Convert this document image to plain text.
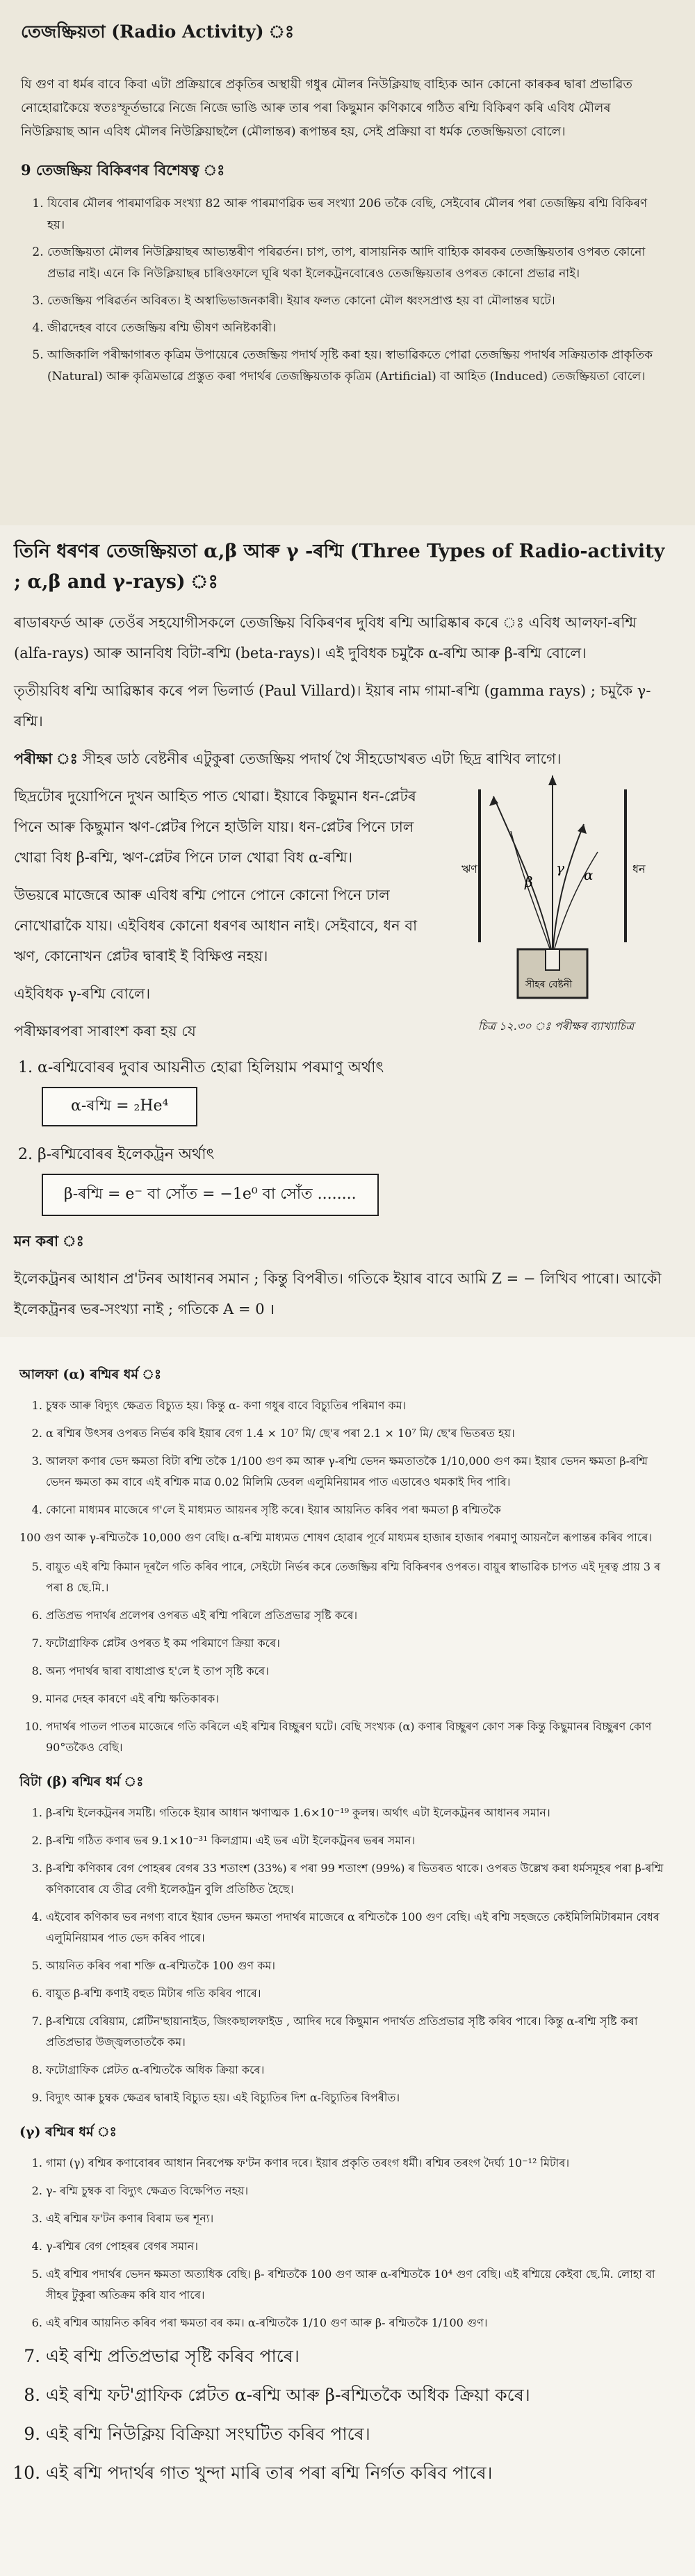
তেজষ্ক্ৰিয়তা (Radio Activity) ঃ

যি গুণ বা ধৰ্মৰ বাবে কিবা এটা প্ৰক্ৰিয়াৰে প্ৰকৃতিৰ অস্থায়ী গধুৰ মৌলৰ নিউক্লিয়াছ বাহ্যিক আন কোনো কাৰকৰ দ্বাৰা প্ৰভাৱিত নোহোৱাকৈয়ে স্বতঃস্ফূৰ্তভাৱে নিজে নিজে ভাঙি আৰু তাৰ পৰা কিছুমান কণিকাৰে গঠিত ৰশ্মি বিকিৰণ কৰি এবিধ মৌলৰ নিউক্লিয়াছ আন এবিধ মৌলৰ নিউক্লিয়াছলৈ (মৌলান্তৰ) ৰূপান্তৰ হয়, সেই প্ৰক্ৰিয়া বা ধৰ্মক তেজষ্ক্ৰিয়তা বোলে।

9 তেজষ্ক্ৰিয় বিকিৰণৰ বিশেষত্ব ঃ
1. যিবোৰ মৌলৰ পাৰমাণৱিক সংখ্যা 82 আৰু পাৰমাণৱিক ভৰ সংখ্যা 206 তকৈ বেছি, সেইবোৰ মৌলৰ পৰা তেজষ্ক্ৰিয় ৰশ্মি বিকিৰণ হয়।
2. তেজষ্ক্ৰিয়তা মৌলৰ নিউক্লিয়াছৰ আভ্যন্তৰীণ পৰিৱৰ্তন। চাপ, তাপ, ৰাসায়নিক আদি বাহ্যিক কাৰকৰ তেজষ্ক্ৰিয়তাৰ ওপৰত কোনো প্ৰভাৱ নাই। এনে কি নিউক্লিয়াছৰ চাৰিওফালে ঘূৰি থকা ইলেকট্ৰনবোৰেও তেজষ্ক্ৰিয়তাৰ ওপৰত কোনো প্ৰভাৱ নাই।
3. তেজষ্ক্ৰিয় পৰিৱৰ্তন অবিৰত। ই অস্বাভিভাজনকাৰী। ইয়াৰ ফলত কোনো মৌল ধ্বংসপ্ৰাপ্ত হয় বা মৌলান্তৰ ঘটে।
4. জীৱদেহৰ বাবে তেজষ্ক্ৰিয় ৰশ্মি ভীষণ অনিষ্টকাৰী।
5. আজিকালি পৰীক্ষাগাৰত কৃত্ৰিম উপায়েৰে তেজষ্ক্ৰিয় পদাৰ্থ সৃষ্টি কৰা হয়। স্বাভাৱিকতে পোৱা তেজষ্ক্ৰিয় পদাৰ্থৰ সক্ৰিয়তাক প্ৰাকৃতিক (Natural) আৰু কৃত্ৰিমভাৱে প্ৰস্তুত কৰা পদাৰ্থৰ তেজষ্ক্ৰিয়তাক কৃত্ৰিম (Artificial) বা আহিত (Induced) তেজষ্ক্ৰিয়তা বোলে।
তিনি ধৰণৰ তেজষ্ক্ৰিয়তা α,β আৰু γ -ৰশ্মি (Three Types of Radio-activity ; α,β and γ-rays) ঃ

ৰাডাৰফৰ্ড আৰু তেওঁৰ সহযোগীসকলে তেজষ্ক্ৰিয় বিকিৰণৰ দুবিধ ৰশ্মি আৱিষ্কাৰ কৰে ঃ এবিধ আলফা-ৰশ্মি (alfa-rays) আৰু আনবিধ বিটা-ৰশ্মি (beta-rays)। এই দুবিধক চমুকৈ α-ৰশ্মি আৰু β-ৰশ্মি বোলে।

তৃতীয়বিধ ৰশ্মি আৱিষ্কাৰ কৰে পল ভিলাৰ্ড (Paul Villard)। ইয়াৰ নাম গামা-ৰশ্মি (gamma rays) ; চমুকৈ γ-ৰশ্মি।

পৰীক্ষা ঃ সীহৰ ডাঠ বেষ্টনীৰ এটুকুৰা তেজষ্ক্ৰিয় পদাৰ্থ থৈ সীহডোখৰত এটা ছিদ্ৰ ৰাখিব লাগে।

ছিদ্ৰটোৰ দুয়োপিনে দুখন আহিত পাত থোৱা। ইয়াৰে কিছুমান ধন-প্লেটৰ পিনে আৰু কিছুমান ঋণ-প্লেটৰ পিনে হাউলি যায়। ধন-প্লেটৰ পিনে ঢাল খোৱা বিধ β-ৰশ্মি, ঋণ-প্লেটৰ পিনে ঢাল খোৱা বিধ α-ৰশ্মি।

উভয়ৰে মাজেৰে আৰু এবিধ ৰশ্মি পোনে পোনে কোনো পিনে ঢাল নোখোৱাকৈ যায়। এইবিধৰ কোনো ধৰণৰ আধান নাই। সেইবাবে, ধন বা ঋণ, কোনোখন প্লেটৰ দ্বাৰাই ই বিক্ষিপ্ত নহয়।

এইবিধক γ-ৰশ্মি বোলে।

পৰীক্ষাৰপৰা সাৰাংশ কৰা হয় যে

1. α-ৰশ্মিবোৰৰ দুবাৰ আয়নীত হোৱা হিলিয়াম পৰমাণু অৰ্থাৎ
α-ৰশ্মি = ₂He⁴
2. β-ৰশ্মিবোৰৰ ইলেকট্ৰন অৰ্থাৎ
β-ৰশ্মি = e⁻ বা সোঁত = −1e⁰ বা সোঁত ........

মন কৰা ঃ

ইলেকট্ৰনৰ আধান প্ৰ'টনৰ আধানৰ সমান ; কিন্তু বিপৰীত। গতিকে ইয়াৰ বাবে আমি Z = − লিখিব পাৰো। আকৌ ইলেকট্ৰনৰ ভৰ-সংখ্যা নাই ; গতিকে A = 0 ।

β
γ α
ঋণ	ধন
সীহৰ বেষ্টনী
চিত্ৰ ১২.৩০ ঃ পৰীক্ষৰ ব্যাখ্যাচিত্ৰ
আলফা (α) ৰশ্মিৰ ধৰ্ম ঃ
1. চুম্বক আৰু বিদ্যুৎ ক্ষেত্ৰত বিচ্যুত হয়। কিন্তু α- কণা গধুৰ বাবে বিচ্যুতিৰ পৰিমাণ কম।
2. α ৰশ্মিৰ উৎসৰ ওপৰত নিৰ্ভৰ কৰি ইয়াৰ বেগ 1.4 × 10⁷ মি/ ছে'ৰ পৰা 2.1 × 10⁷ মি/ ছে'ৰ ভিতৰত হয়।
3. আলফা কণাৰ ভেদ ক্ষমতা বিটা ৰশ্মি তকৈ 1/100 গুণ কম আৰু γ-ৰশ্মি ভেদন ক্ষমতাতকৈ 1/10,000 গুণ কম। ইয়াৰ ভেদন ক্ষমতা β-ৰশ্মি ভেদন ক্ষমতা কম বাবে এই ৰশ্মিক মাত্ৰ 0.02 মিলিমি ডেবল এলুমিনিয়ামৰ পাত এডাৰেও থমকাই দিব পাৰি।
4. কোনো মাধ্যমৰ মাজেৰে গ'লে ই মাধ্যমত আয়নৰ সৃষ্টি কৰে। ইয়াৰ আয়নিত কৰিব পৰা ক্ষমতা β ৰশ্মিতকৈ

100 গুণ আৰু γ-ৰশ্মিতকৈ 10,000 গুণ বেছি। α-ৰশ্মি মাধ্যমত শোষণ হোৱাৰ পূৰ্বে মাধ্যমৰ হাজাৰ হাজাৰ পৰমাণু আয়নলৈ ৰূপান্তৰ কৰিব পাৰে।

5. বায়ুত এই ৰশ্মি কিমান দূৰলৈ গতি কৰিব পাৰে, সেইটো নিৰ্ভৰ কৰে তেজষ্ক্ৰিয় ৰশ্মি বিকিৰণৰ ওপৰত। বায়ুৰ স্বাভাৱিক চাপত এই দূৰত্ব প্ৰায় 3 ৰ পৰা 8 ছে.মি.।
6. প্ৰতিপ্ৰভ পদাৰ্থৰ প্ৰলেপৰ ওপৰত এই ৰশ্মি পৰিলে প্ৰতিপ্ৰভাৱ সৃষ্টি কৰে।
7. ফটোগ্ৰাফিক প্লেটৰ ওপৰত ই কম পৰিমাণে ক্ৰিয়া কৰে।
8. অন্য পদাৰ্থৰ দ্বাৰা বাধাপ্ৰাপ্ত হ'লে ই তাপ সৃষ্টি কৰে।
9. মানৱ দেহৰ কাৰণে এই ৰশ্মি ক্ষতিকাৰক।
10. পদাৰ্থৰ পাতল পাতৰ মাজেৰে গতি কৰিলে এই ৰশ্মিৰ বিচ্ছুৰণ ঘটে। বেছি সংখ্যক (α) কণাৰ বিচ্ছুৰণ কোণ সৰু কিন্তু কিছুমানৰ বিচ্ছুৰণ কোণ 90°তকৈও বেছি।
বিটা (β) ৰশ্মিৰ ধৰ্ম ঃ
1. β-ৰশ্মি ইলেকট্ৰনৰ সমষ্টি। গতিকে ইয়াৰ আধান ঋণাত্মক 1.6×10⁻¹⁹ কুলম্ব। অৰ্থাৎ এটা ইলেকট্ৰনৰ আধানৰ সমান।
2. β-ৰশ্মি গঠিত কণাৰ ভৰ 9.1×10⁻³¹ কিলগ্ৰাম। এই ভৰ এটা ইলেকট্ৰনৰ ভৰৰ সমান।
3. β-ৰশ্মি কণিকাৰ বেগ পোহৰৰ বেগৰ 33 শতাংশ (33%) ৰ পৰা 99 শতাংশ (99%) ৰ ভিতৰত থাকে। ওপৰত উল্লেখ কৰা ধৰ্মসমূহৰ পৰা β-ৰশ্মি কণিকাবোৰ যে তীব্ৰ বেগী ইলেকট্ৰন বুলি প্ৰতিষ্ঠিত হৈছে।
4. এইবোৰ কণিকাৰ ভৰ নগণ্য বাবে ইয়াৰ ভেদন ক্ষমতা পদাৰ্থৰ মাজেৰে α ৰশ্মিতকৈ 100 গুণ বেছি। এই ৰশ্মি সহজতে কেইমিলিমিটাৰমান বেধৰ এলুমিনিয়ামৰ পাত ভেদ কৰিব পাৰে।
5. আয়নিত কৰিব পৰা শক্তি α-ৰশ্মিতকৈ 100 গুণ কম।
6. বায়ুত β-ৰশ্মি কণাই বহুত মিটাৰ গতি কৰিব পাৰে।
7. β-ৰশ্মিয়ে বেৰিয়াম, প্লেটিন'ছায়ানাইড, জিংকছালফাইড , আদিৰ দৰে কিছুমান পদাৰ্থত প্ৰতিপ্ৰভাৱ সৃষ্টি কৰিব পাৰে। কিন্তু α-ৰশ্মি সৃষ্টি কৰা প্ৰতিপ্ৰভাৱ উজ্জ্বলতাতকৈ কম।
8. ফটোগ্ৰাফিক প্লেটত α-ৰশ্মিতকৈ অধিক ক্ৰিয়া কৰে।
9. বিদ্যুৎ আৰু চুম্বক ক্ষেত্ৰৰ দ্বাৰাই বিচ্যুত হয়। এই বিচ্যুতিৰ দিশ α-বিচ্যুতিৰ বিপৰীত।
(γ) ৰশ্মিৰ ধৰ্ম ঃ
1. গামা (γ) ৰশ্মিৰ কণাবোৰৰ আধান নিৰপেক্ষ ফ'টন কণাৰ দৰে। ইয়াৰ প্ৰকৃতি তৰংগ ধৰ্মী। ৰশ্মিৰ তৰংগ দৈৰ্ঘ্য 10⁻¹² মিটাৰ।
2. γ- ৰশ্মি চুম্বক বা বিদ্যুৎ ক্ষেত্ৰত বিক্ষেপিত নহয়।
3. এই ৰশ্মিৰ ফ'টন কণাৰ বিৰাম ভৰ শূন্য।
4. γ-ৰশ্মিৰ বেগ পোহৰৰ বেগৰ সমান।
5. এই ৰশ্মিৰ পদাৰ্থৰ ভেদন ক্ষমতা অত্যধিক বেছি। β- ৰশ্মিতকৈ 100 গুণ আৰু α-ৰশ্মিতকৈ 10⁴ গুণ বেছি। এই ৰশ্মিয়ে কেইবা ছে.মি. লোহা বা সীহৰ টুকুৰা অতিক্ৰম কৰি যাব পাৰে।
6. এই ৰশ্মিৰ আয়নিত কৰিব পৰা ক্ষমতা বৰ কম। α-ৰশ্মিতকৈ 1/10 গুণ আৰু β- ৰশ্মিতকৈ 1/100 গুণ।
7. এই ৰশ্মি প্ৰতিপ্ৰভাৱ সৃষ্টি কৰিব পাৰে।
8. এই ৰশ্মি ফট'গ্ৰাফিক প্লেটত α-ৰশ্মি আৰু β-ৰশ্মিতকৈ অধিক ক্ৰিয়া কৰে।
9. এই ৰশ্মি নিউক্লিয় বিক্ৰিয়া সংঘটিত কৰিব পাৰে।
10. এই ৰশ্মি পদাৰ্থৰ গাত খুন্দা মাৰি তাৰ পৰা ৰশ্মি নিৰ্গত কৰিব পাৰে।
